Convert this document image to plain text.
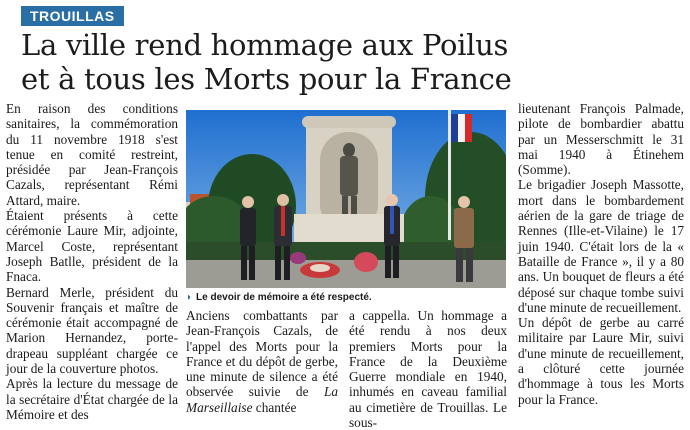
TROUILLAS
La ville rend hommage aux Poilus
et à tous les Morts pour la France

En raison des conditions sanitaires, la commémoration du 11 novembre 1918 s'est tenue en comité restreint, présidée par Jean-François Cazals, représentant Rémi Attard, maire.

Étaient présents à cette cérémonie Laure Mir, adjointe, Marcel Coste, représentant Joseph Batlle, président de la Fnaca.

Bernard Merle, président du Souvenir français et maître de cérémonie était accompagné de Marion Hernandez, porte-drapeau suppléant chargée ce jour de la couverture photos.

Après la lecture du message de la secrétaire d'État chargée de la Mémoire et des

◗ Le devoir de mémoire a été respecté.

Anciens combattants par Jean-François Cazals, de l'appel des Morts pour la France et du dépôt de gerbe, une minute de silence a été observée suivie de La Marseillaise chantée

a cappella. Un hommage a été rendu à nos deux premiers Morts pour la France de la Deuxième Guerre mondiale en 1940, inhumés en caveau familial au cimetière de Trouillas. Le sous-

lieutenant François Palmade, pilote de bombardier abattu par un Messerschmitt le 31 mai 1940 à Étinehem (Somme).

Le brigadier Joseph Massotte, mort dans le bombardement aérien de la gare de triage de Rennes (Ille-et-Vilaine) le 17 juin 1940. C'était lors de la « Bataille de France », il y a 80 ans. Un bouquet de fleurs a été déposé sur chaque tombe suivi d'une minute de recueillement.

Un dépôt de gerbe au carré militaire par Laure Mir, suivi d'une minute de recueillement, a clôturé cette journée d'hommage à tous les Morts pour la France.
